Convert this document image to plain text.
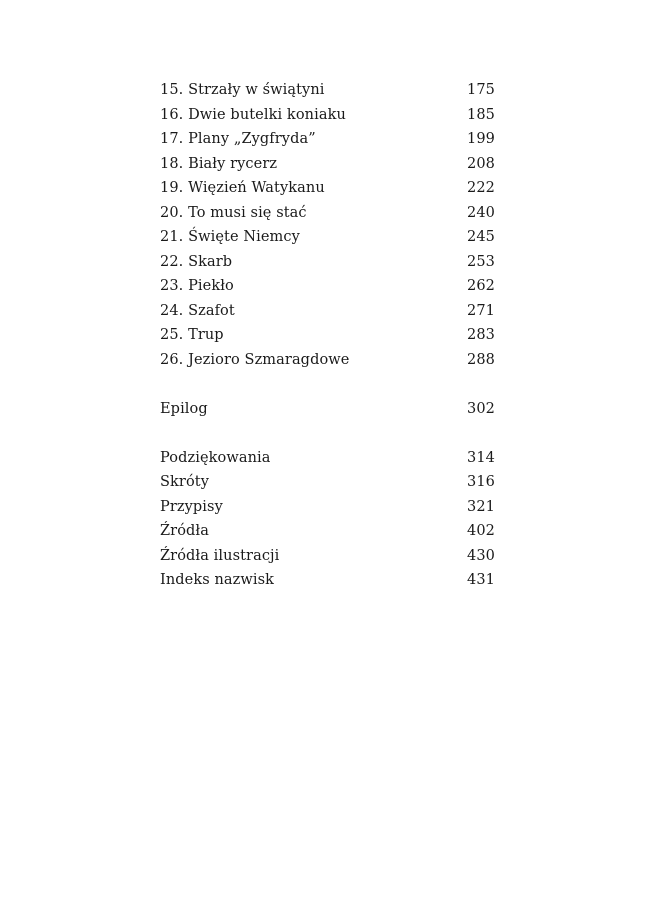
15. Strzały w świątyni	175
16. Dwie butelki koniaku	185
17. Plany „Zygfryda”	199
18. Biały rycerz	208
19. Więzień Watykanu	222
20. To musi się stać	240
21. Święte Niemcy	245
22. Skarb	253
23. Piekło	262
24. Szafot	271
25. Trup	283
26. Jezioro Szmaragdowe	288
Epilog	302
Podziękowania	314
Skróty	316
Przypisy	321
Źródła	402
Źródła ilustracji	430
Indeks nazwisk	431
